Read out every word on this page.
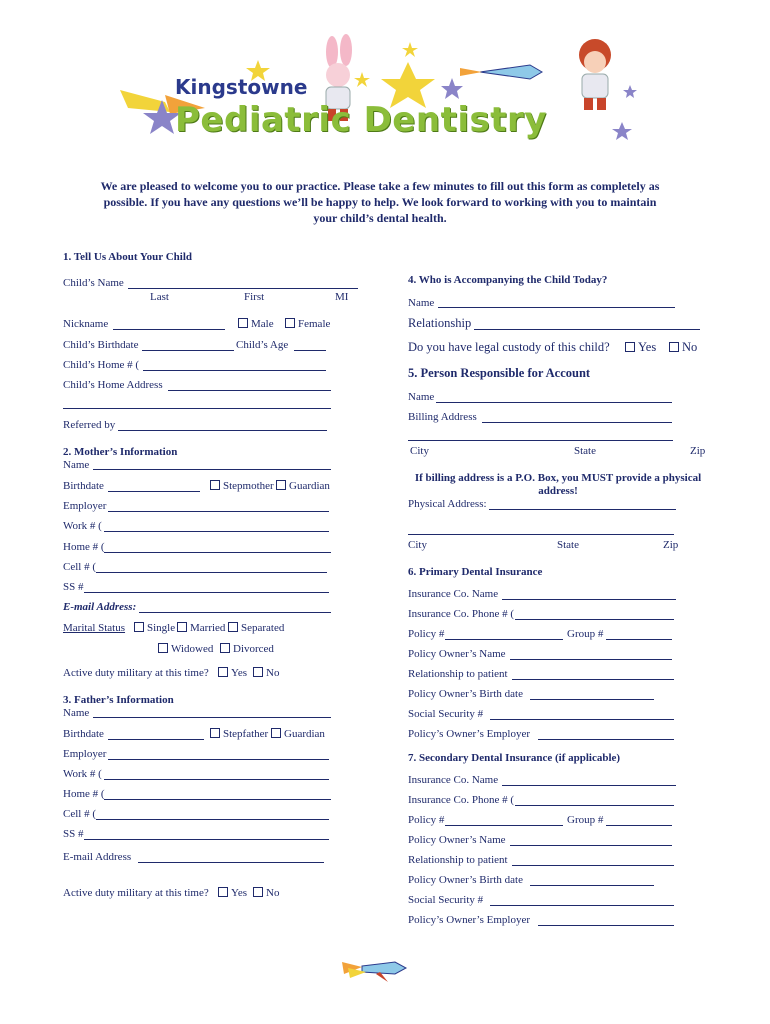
Kingstowne
Pediatric Dentistry
We are pleased to welcome you to our practice. Please take a few minutes to fill out this form as completely as possible. If you have any questions we’ll be happy to help. We look forward to working with you to maintain your child’s dental health.
1. Tell Us About Your Child
Child’s Name
Last	First	MI
Nickname	Male	Female
Child’s Birthdate	Child’s Age
Child’s Home # (
Child’s Home Address
Referred by
2. Mother’s Information
Name
Birthdate	Stepmother	Guardian
Employer
Work # (
Home # (
Cell # (
SS #
E-mail Address:
Marital Status	Single	Married	Separated
Widowed	Divorced
Active duty military at this time?	Yes	No
3. Father’s Information
Name
Birthdate	Stepfather	Guardian
Employer
Work # (
Home # (
Cell # (
SS #
E-mail Address
Active duty military at this time?	Yes	No
4. Who is Accompanying the Child Today?
Name
Relationship
Do you have legal custody of this child?	Yes	No
5. Person Responsible for Account
Name
Billing Address
City	State	Zip
If billing address is a P.O. Box, you MUST provide a physical address!
Physical Address:
City	State	Zip
6. Primary Dental Insurance
Insurance Co. Name
Insurance Co. Phone # (
Policy #	Group #
Policy Owner’s Name
Relationship to patient
Policy Owner’s Birth date
Social Security #
Policy’s Owner’s Employer
7. Secondary Dental Insurance (if applicable)
Insurance Co. Name
Insurance Co. Phone # (
Policy #	Group #
Policy Owner’s Name
Relationship to patient
Policy Owner’s Birth date
Social Security #
Policy’s Owner’s Employer
